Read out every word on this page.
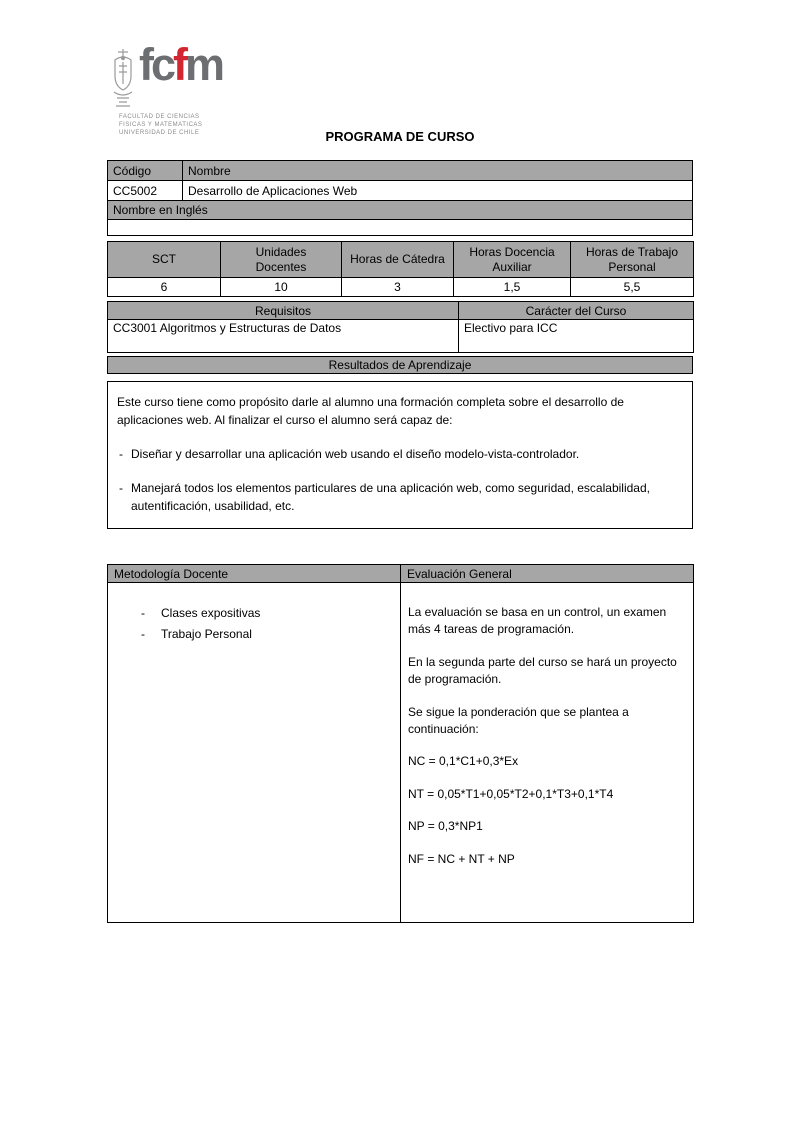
fcfm
FACULTAD DE CIENCIAS
FISICAS Y MATEMATICAS
UNIVERSIDAD DE CHILE	PROGRAMA DE CURSO
Código	Nombre
CC5002	Desarrollo de Aplicaciones Web
Nombre en Inglés	

SCT	Unidades Docentes	Horas de Cátedra	Horas Docencia Auxiliar	Horas de Trabajo Personal
6	10	3	1,5	5,5
Requisitos	Carácter del Curso
CC3001 Algoritmos y Estructuras de Datos	Electivo para ICC
Resultados de Aprendizaje

Este curso tiene como propósito darle al alumno una formación completa sobre el desarrollo de aplicaciones web. Al finalizar el curso el alumno será capaz de:

-
Diseñar y desarrollar una aplicación web usando el diseño modelo-vista-controlador.
-
Manejará todos los elementos particulares de una aplicación web, como seguridad, escalabilidad, autentificación, usabilidad, etc.
Metodología Docente	Evaluación General

-
Clases expositivas
-
Trabajo Personal

La evaluación se basa en un control, un examen más 4 tareas de programación.

En la segunda parte del curso se hará un proyecto de programación.

Se sigue la ponderación que se plantea a continuación:

NC = 0,1*C1+0,3*Ex

NT = 0,05*T1+0,05*T2+0,1*T3+0,1*T4

NP = 0,3*NP1

NF = NC + NT + NP
